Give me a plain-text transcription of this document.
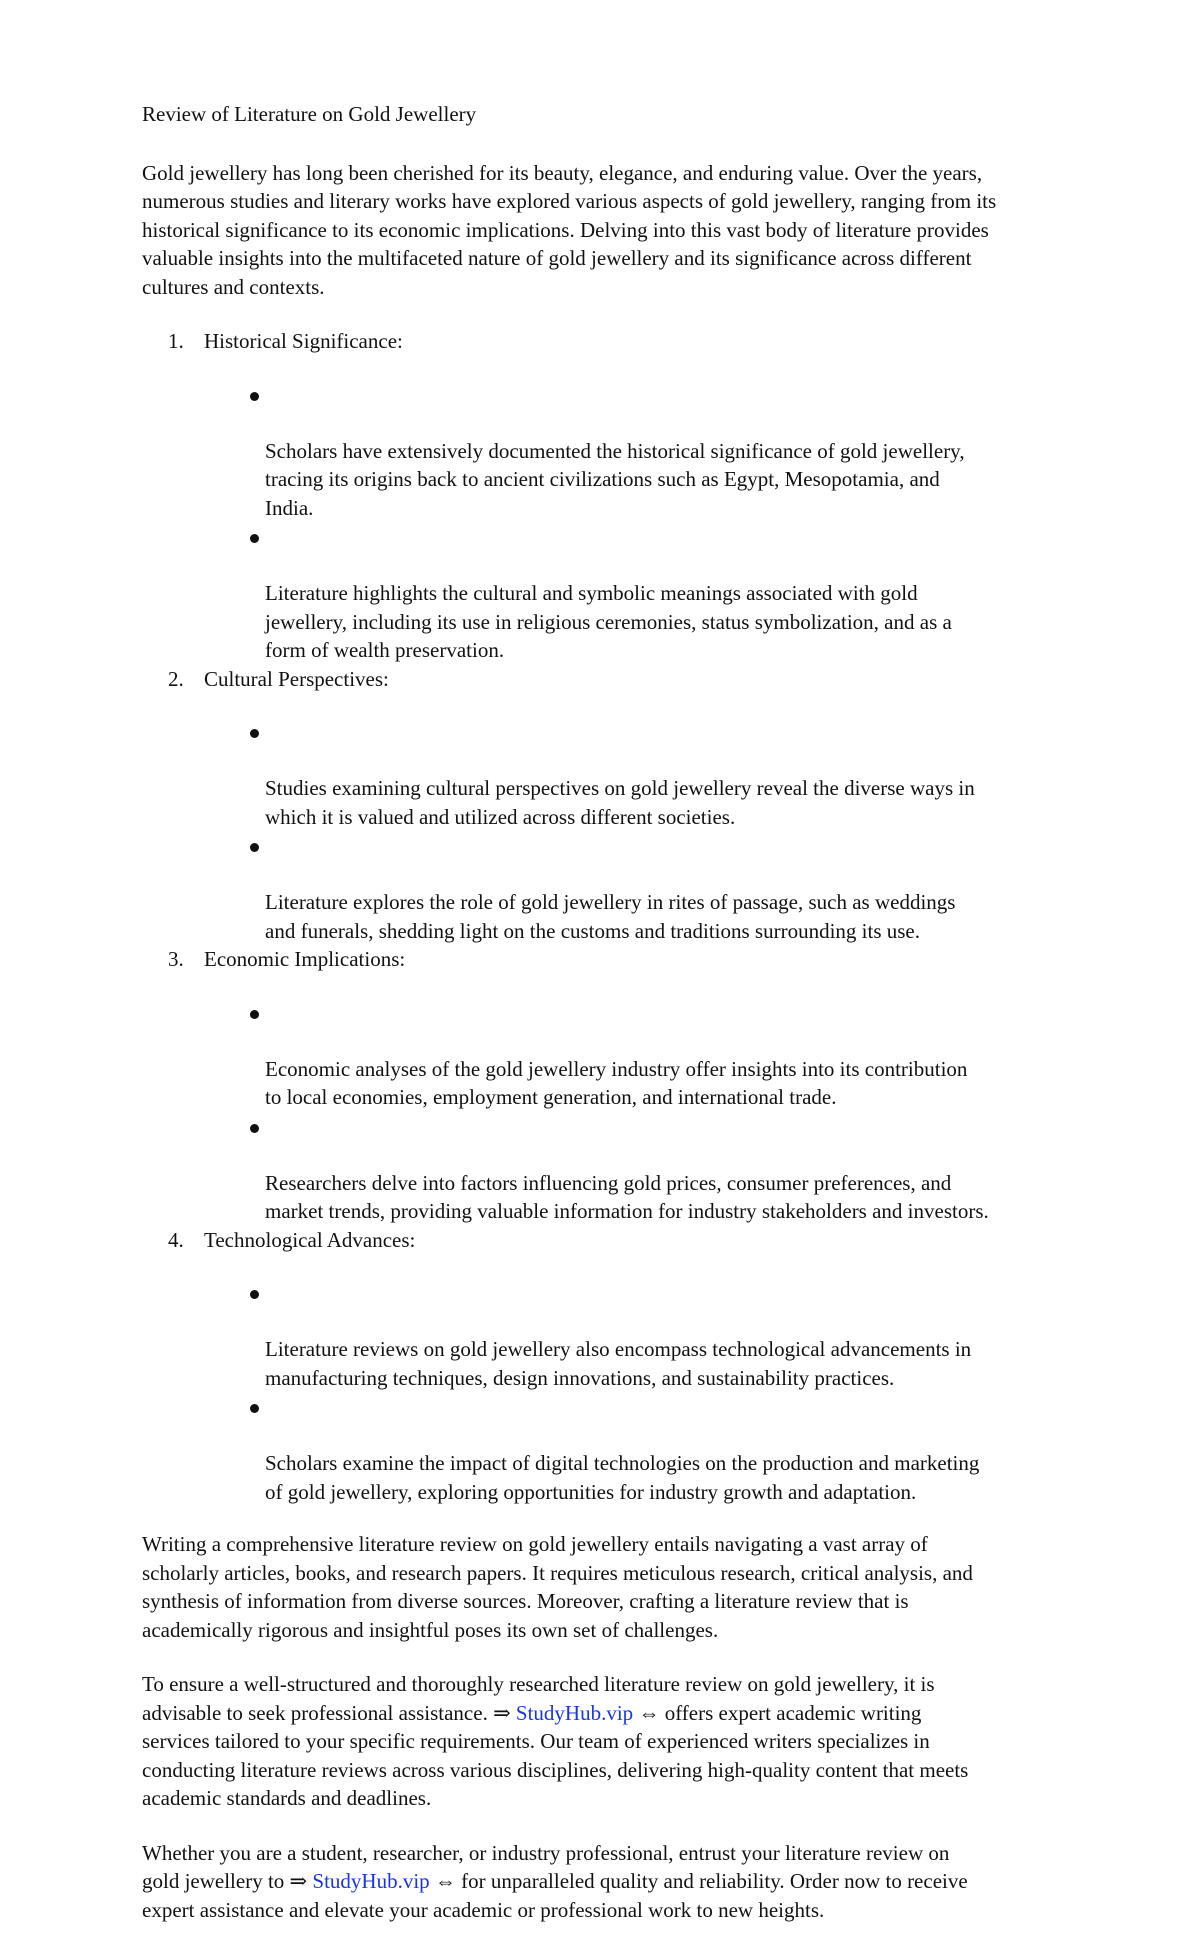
Review of Literature on Gold Jewellery

Gold jewellery has long been cherished for its beauty, elegance, and enduring value. Over the years,
numerous studies and literary works have explored various aspects of gold jewellery, ranging from its
historical significance to its economic implications. Delving into this vast body of literature provides
valuable insights into the multifaceted nature of gold jewellery and its significance across different
cultures and contexts.

1. Historical Significance:

Scholars have extensively documented the historical significance of gold jewellery,
tracing its origins back to ancient civilizations such as Egypt, Mesopotamia, and
India.

Literature highlights the cultural and symbolic meanings associated with gold
jewellery, including its use in religious ceremonies, status symbolization, and as a
form of wealth preservation.

2. Cultural Perspectives:

Studies examining cultural perspectives on gold jewellery reveal the diverse ways in
which it is valued and utilized across different societies.

Literature explores the role of gold jewellery in rites of passage, such as weddings
and funerals, shedding light on the customs and traditions surrounding its use.

3. Economic Implications:

Economic analyses of the gold jewellery industry offer insights into its contribution
to local economies, employment generation, and international trade.

Researchers delve into factors influencing gold prices, consumer preferences, and
market trends, providing valuable information for industry stakeholders and investors.

4. Technological Advances:

Literature reviews on gold jewellery also encompass technological advancements in
manufacturing techniques, design innovations, and sustainability practices.

Scholars examine the impact of digital technologies on the production and marketing
of gold jewellery, exploring opportunities for industry growth and adaptation.

Writing a comprehensive literature review on gold jewellery entails navigating a vast array of
scholarly articles, books, and research papers. It requires meticulous research, critical analysis, and
synthesis of information from diverse sources. Moreover, crafting a literature review that is
academically rigorous and insightful poses its own set of challenges.

To ensure a well-structured and thoroughly researched literature review on gold jewellery, it is
advisable to seek professional assistance. ⇒ StudyHub.vip ⇔ offers expert academic writing
services tailored to your specific requirements. Our team of experienced writers specializes in
conducting literature reviews across various disciplines, delivering high-quality content that meets
academic standards and deadlines.

Whether you are a student, researcher, or industry professional, entrust your literature review on
gold jewellery to ⇒ StudyHub.vip ⇔ for unparalleled quality and reliability. Order now to receive
expert assistance and elevate your academic or professional work to new heights.
